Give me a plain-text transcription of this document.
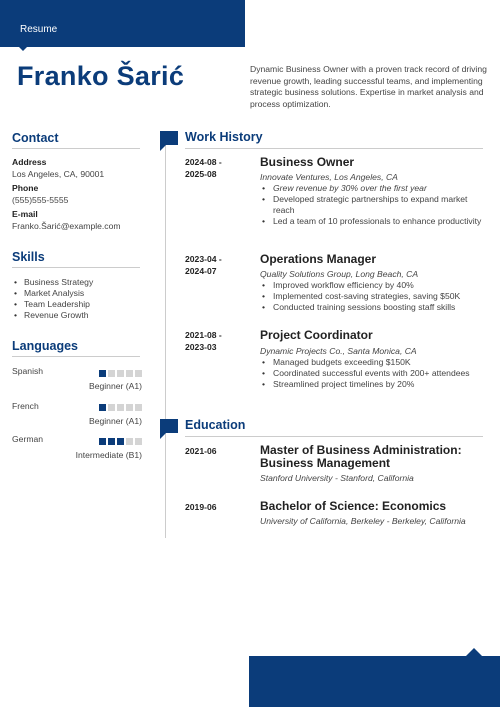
Resume
Franko Šarić	Dynamic Business Owner with a proven track record of driving revenue growth, leading successful teams, and implementing strategic business solutions. Expertise in market analysis and process optimization.
Contact
Address
Los Angeles, CA, 90001
Phone
(555)555-5555
E-mail
Franko.Šarić@example.com
Skills
• Business Strategy
• Market Analysis
• Team Leadership
• Revenue Growth
Languages
Spanish
Beginner (A1)
French
Beginner (A1)
German
Intermediate (B1)
Work History
2024-08 -
2025-08
Business Owner
Innovate Ventures, Los Angeles, CA
• Grew revenue by 30% over the first year
• Developed strategic partnerships to expand market reach
• Led a team of 10 professionals to enhance productivity
2023-04 -
2024-07
Operations Manager
Quality Solutions Group, Long Beach, CA
• Improved workflow efficiency by 40%
• Implemented cost-saving strategies, saving $50K
• Conducted training sessions boosting staff skills
2021-08 -
2023-03
Project Coordinator
Dynamic Projects Co., Santa Monica, CA
• Managed budgets exceeding $150K
• Coordinated successful events with 200+ attendees
• Streamlined project timelines by 20%
Education
2021-06	Master of Business Administration: Business Management
Stanford University - Stanford, California
2019-06	Bachelor of Science: Economics
University of California, Berkeley - Berkeley, California
